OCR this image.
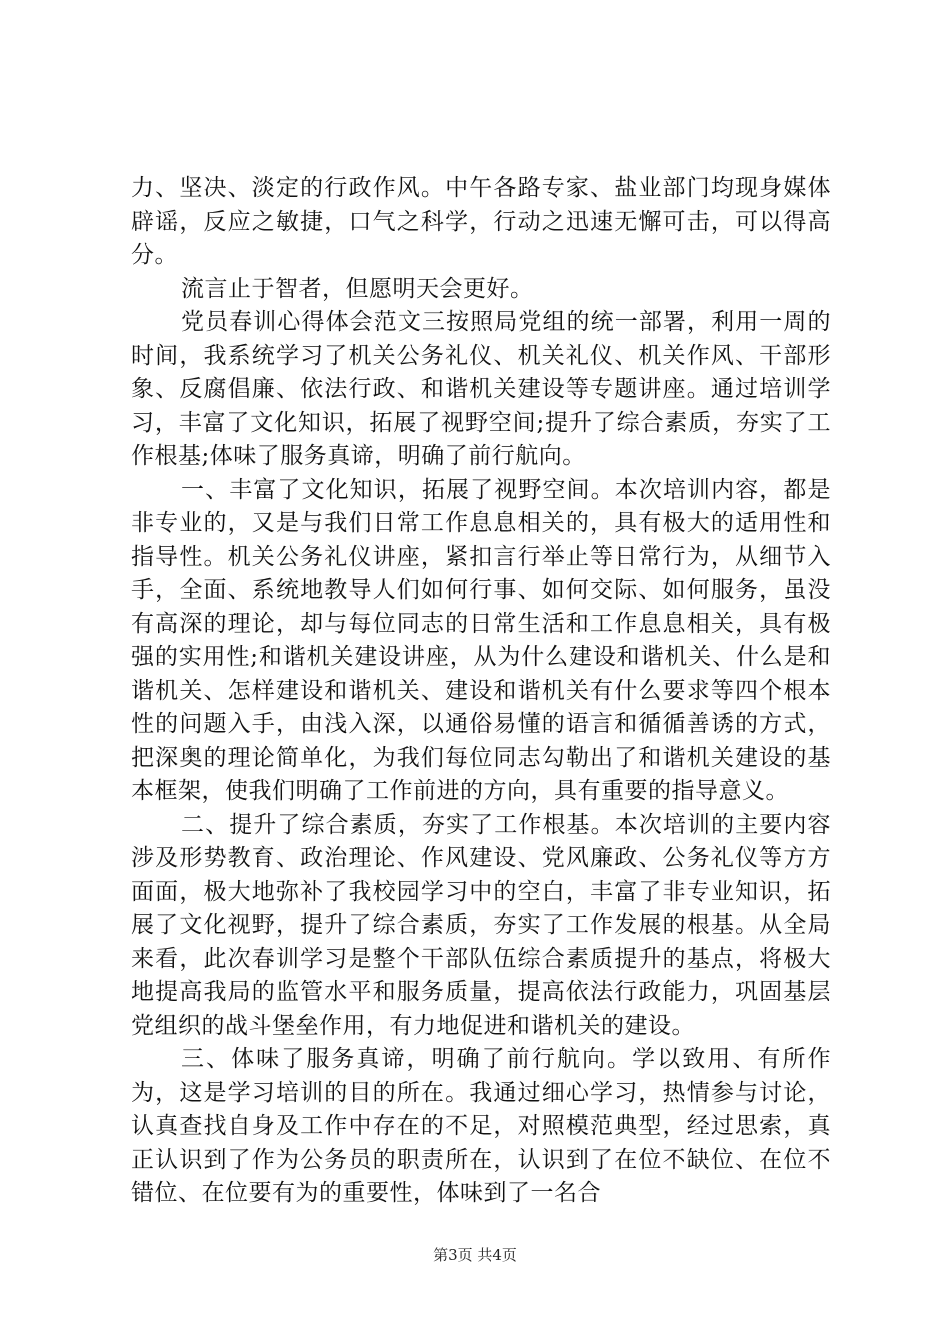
力、坚决、淡定的行政作风。中午各路专家、盐业部门均现身媒体辟谣，反应之敏捷，口气之科学，行动之迅速无懈可击，可以得高分。

流言止于智者，但愿明天会更好。

党员春训心得体会范文三按照局党组的统一部署，利用一周的时间，我系统学习了机关公务礼仪、机关礼仪、机关作风、干部形象、反腐倡廉、依法行政、和谐机关建设等专题讲座。通过培训学习，丰富了文化知识，拓展了视野空间;提升了综合素质，夯实了工作根基;体味了服务真谛，明确了前行航向。

一、丰富了文化知识，拓展了视野空间。本次培训内容，都是非专业的，又是与我们日常工作息息相关的，具有极大的适用性和指导性。机关公务礼仪讲座，紧扣言行举止等日常行为，从细节入手，全面、系统地教导人们如何行事、如何交际、如何服务，虽没有高深的理论，却与每位同志的日常生活和工作息息相关，具有极强的实用性;和谐机关建设讲座，从为什么建设和谐机关、什么是和谐机关、怎样建设和谐机关、建设和谐机关有什么要求等四个根本性的问题入手，由浅入深，以通俗易懂的语言和循循善诱的方式，把深奥的理论简单化，为我们每位同志勾勒出了和谐机关建设的基本框架，使我们明确了工作前进的方向，具有重要的指导意义。

二、提升了综合素质，夯实了工作根基。本次培训的主要内容涉及形势教育、政治理论、作风建设、党风廉政、公务礼仪等方方面面，极大地弥补了我校园学习中的空白，丰富了非专业知识，拓展了文化视野，提升了综合素质，夯实了工作发展的根基。从全局来看，此次春训学习是整个干部队伍综合素质提升的基点，将极大地提高我局的监管水平和服务质量，提高依法行政能力，巩固基层党组织的战斗堡垒作用，有力地促进和谐机关的建设。

三、体味了服务真谛，明确了前行航向。学以致用、有所作为，这是学习培训的目的所在。我通过细心学习，热情参与讨论，认真查找自身及工作中存在的不足，对照模范典型，经过思索，真正认识到了作为公务员的职责所在，认识到了在位不缺位、在位不错位、在位要有为的重要性，体味到了一名合

第3页 共4页
